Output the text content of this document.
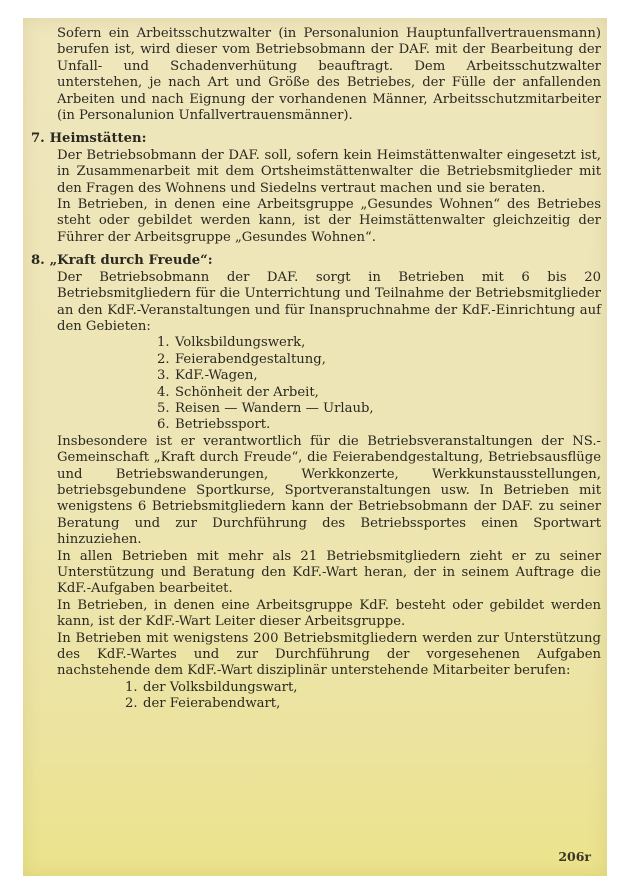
Sofern ein Arbeitsschutzwalter (in Personalunion Hauptunfallvertrauensmann) berufen ist, wird dieser vom Betriebsobmann der DAF. mit der Bearbeitung der Unfall- und Schadenverhütung beauftragt. Dem Arbeitsschutzwalter unterstehen, je nach Art und Größe des Betriebes, der Fülle der anfallenden Arbeiten und nach Eignung der vorhandenen Männer, Arbeitsschutzmitarbeiter (in Personalunion Unfallvertrauensmänner).

7. Heimstätten:

Der Betriebsobmann der DAF. soll, sofern kein Heimstättenwalter eingesetzt ist, in Zusammenarbeit mit dem Ortsheimstättenwalter die Betriebsmitglieder mit den Fragen des Wohnens und Siedelns vertraut machen und sie beraten.

In Betrieben, in denen eine Arbeitsgruppe „Gesundes Wohnen“ des Betriebes steht oder gebildet werden kann, ist der Heimstättenwalter gleichzeitig der Führer der Arbeitsgruppe „Gesundes Wohnen“.

8. „Kraft durch Freude“:

Der Betriebsobmann der DAF. sorgt in Betrieben mit 6 bis 20 Betriebsmitgliedern für die Unterrichtung und Teilnahme der Betriebsmitglieder an den KdF.-Veranstaltungen und für Inanspruchnahme der KdF.-Einrichtung auf den Gebieten:

1. Volksbildungswerk,
2. Feierabendgestaltung,
3. KdF.-Wagen,
4. Schönheit der Arbeit,
5. Reisen — Wandern — Urlaub,
6. Betriebssport.

Insbesondere ist er verantwortlich für die Betriebsveranstaltungen der NS.-Gemeinschaft „Kraft durch Freude“, die Feierabendgestaltung, Betriebsausflüge und Betriebswanderungen, Werkkonzerte, Werkkunstausstellungen, betriebsgebundene Sportkurse, Sportveranstaltungen usw. In Betrieben mit wenigstens 6 Betriebsmitgliedern kann der Betriebsobmann der DAF. zu seiner Beratung und zur Durchführung des Betriebssportes einen Sportwart hinzuziehen.

In allen Betrieben mit mehr als 21 Betriebsmitgliedern zieht er zu seiner Unterstützung und Beratung den KdF.-Wart heran, der in seinem Auftrage die KdF.-Aufgaben bearbeitet.

In Betrieben, in denen eine Arbeitsgruppe KdF. besteht oder gebildet werden kann, ist der KdF.-Wart Leiter dieser Arbeitsgruppe.

In Betrieben mit wenigstens 200 Betriebsmitgliedern werden zur Unterstützung des KdF.-Wartes und zur Durchführung der vorgesehenen Aufgaben nachstehende dem KdF.-Wart disziplinär unterstehende Mitarbeiter berufen:

1. der Volksbildungswart,
2. der Feierabendwart,
206r
